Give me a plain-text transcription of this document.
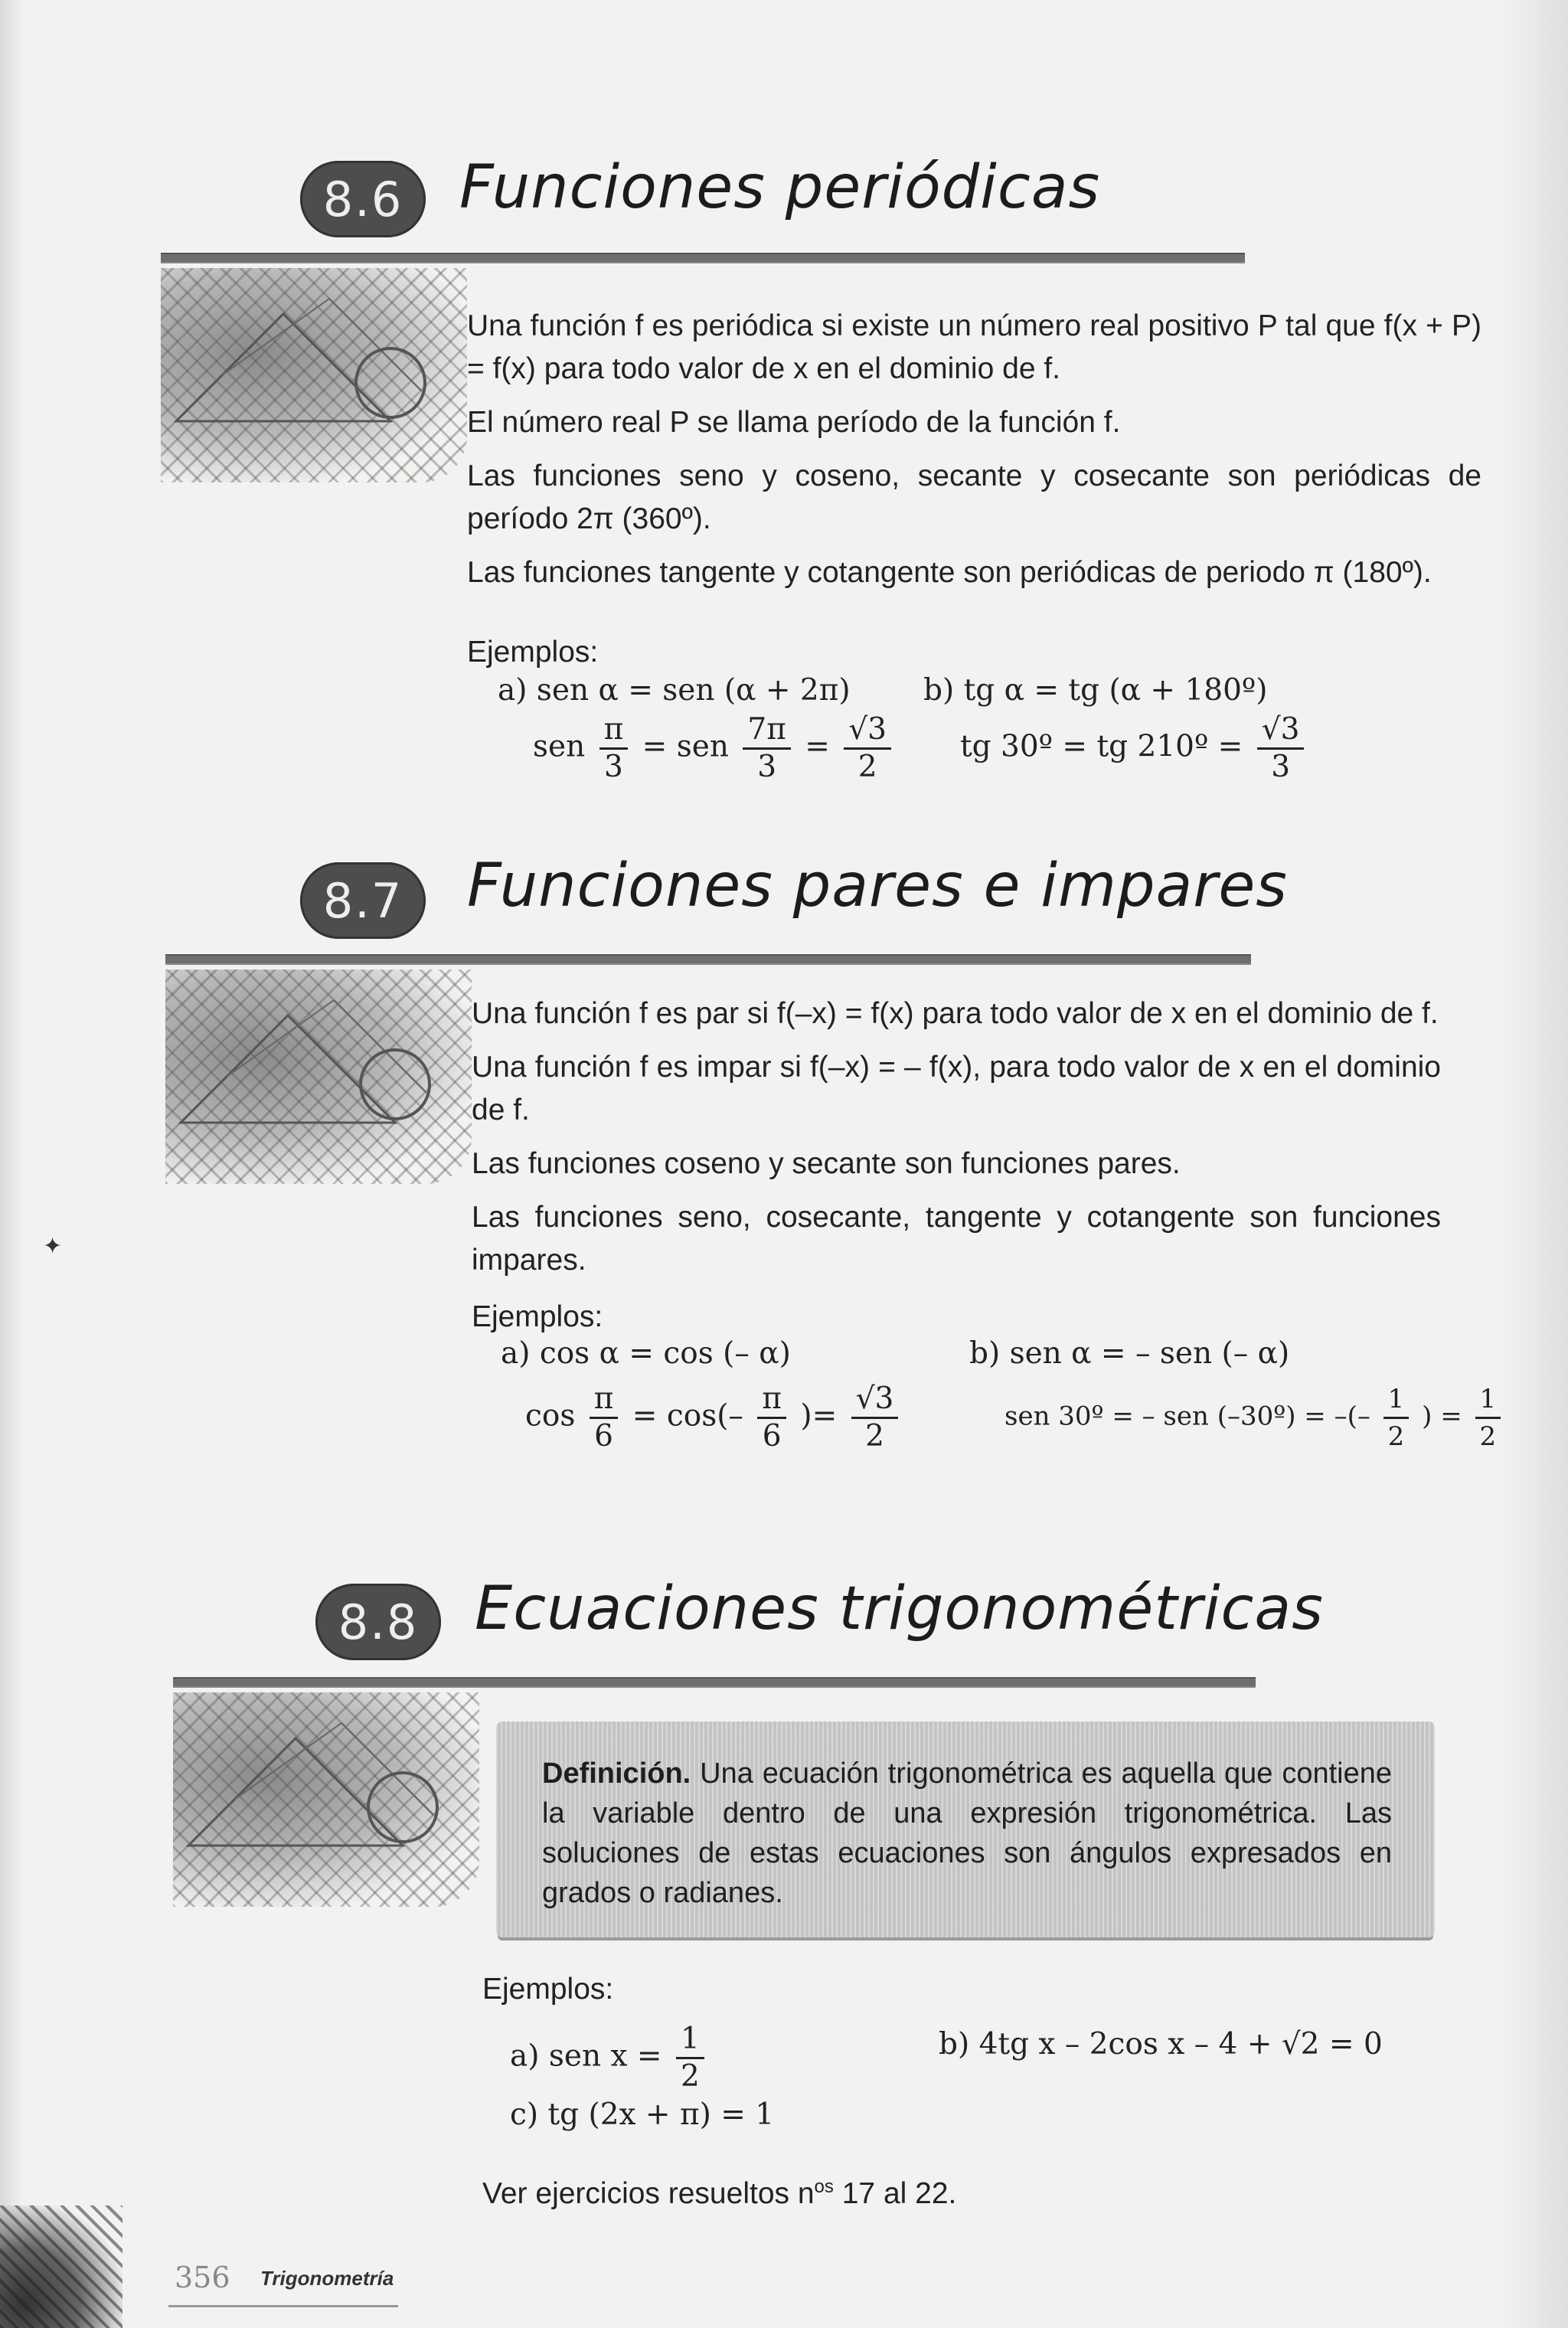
8.6 Funciones periódicas

Una función f es periódica si existe un número real positivo P tal que f(x + P) = f(x) para todo valor de x en el dominio de f.

El número real P se llama período de la función f.

Las funciones seno y coseno, secante y cosecante son periódicas de período 2π (360º).

Las funciones tangente y cotangente son periódicas de periodo π (180º).

Ejemplos:
a) sen α = sen (α + 2π) b) tg α = tg (α + 180º)
sen $\frac{\pi}{3}$ = sen $\frac{7\pi}{3} = \frac{√3}{2}$ tg 30º = tg 210º = $\frac{√3}{3}$
8.7	Funciones pares e impares

Una función f es par si f(–x) = f(x) para todo valor de x en el dominio de f.

Una función f es impar si f(–x) = – f(x), para todo valor de x en el dominio de f.

Las funciones coseno y secante son funciones pares.

Las funciones seno, cosecante, tangente y cotangente son funciones impares.

Ejemplos:
a) cos α = cos (– α)	b) sen α = – sen (– α)
$\cos \frac{\pi}{6} = \cos(- \frac{\pi}{6}$ )= $\frac{√3}{2}$	sen 30º = – sen (–30º) = –(– $\frac{1}{2}$ ) = $\frac{1}{2}$
8.8 Ecuaciones trigonométricas
Definición. Una ecuación trigonométrica es aquella que contiene la variable dentro de una expresión trigonométrica. Las soluciones de estas ecuaciones son ángulos expresados en grados o radianes.
Ejemplos:
a) sen $x = \frac{1}{2}$	b) 4tg x – 2cos x – 4 + √2 = 0
c) tg (2x + π) = 1
Ver ejercicios resueltos $n^{os}$ 17 al 22.
✦
356 Trigonometría
